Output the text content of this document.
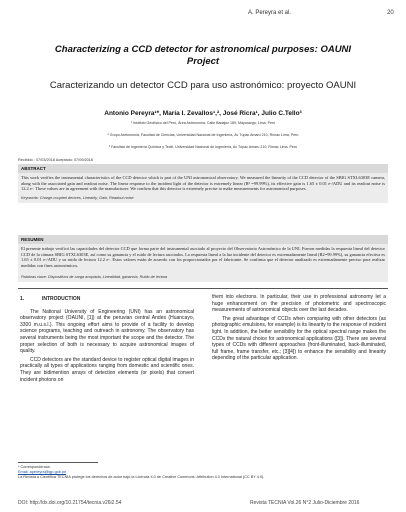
A. Pereyra et al.	20
Characterizing a CCD detector for astronomical purposes: OAUNI Project
Caracterizando un detector CCD para uso astronómico: proyecto OAUNI
Antonio Pereyra¹*, María I. Zevallos¹,², José Ricra¹, Julio C.Tello³
¹ Instituto Geofísico del Perú, Área Astronomía, Calle Badajoz 169, Mayorazgo, Lima, Perú
² Grupo Astronomía, Facultad de Ciencias, Universidad Nacional de Ingeniería, Av Túpac Amaru 210, Rímac Lima, Perú
³ Facultad de Ingeniería Química y Textil, Universidad Nacional de Ingeniería, Av Túpac Amaru 210, Rímac Lima, Perú
Recibido : 07/03/2016 Aceptado: 07/09/2016
ABSTRACT
This work verifies the instrumental characteristics of the CCD detector which is part of the UNI astronomical observatory. We measured the linearity of the CCD detector of the SBIG STXL6303E camera, along with the associated gain and readout noise. The linear response to the incident light of the detector is extremely linear (R² =99.99%), its effective gain is 1.65 ± 0.01 e-/ADU and its readout noise is 12.2 e-. These values are in agreement with the manufacturer. We confirm that this detector is extremely precise to make measurements for astronomical purposes.
Keywords: Charge-coupled devices, Linearity, Gain, Readout noise
RESUMEN
El presente trabajo verificó las capacidades del detector CCD que forma parte del instrumental asociado al proyecto del Observatorio Astronómico de la UNI. Fueron medidas la respuesta lineal del detector CCD de la cámara SBIG STXL6303E, así como su ganancia y el ruido de lectura asociados. La respuesta lineal a la luz incidente del detector es extremadamente lineal (R2=99.99%), su ganancia efectiva es 1.65 ± 0.01 e-/ADU y su ruido de lectura 12.2 e-. Estos valores están de acuerdo con los proporcionados por el fabricante. Se confirma que el detector analizado es extremadamente preciso para realizar medidas con fines astronómicos.
Palabras clave: Dispositivos de carga acoplada, Linealidad, ganancia, Ruido de lectura
1.	INTRODUCTION

The National University of Engineering (UNI) has an astronomical observatory project (OAUNI, [1]) at the peruvian central Andes (Huancayo, 3300 m.u.s.l.). This ongoing effort aims to provide of a facility to develop science programs, teaching and outreach in astronomy. The observatory has several instruments being the most important the scope and the detector. The proper selection of both is necessary to acquire astronomical images of quality.

CCD detectors are the standard device to register optical digital images in practically all types of applications ranging from domestic and scientific ones. They are bidimention arrays of detection elements (or pixels) that convert incident photons on

them into electrons. In particular, their use in professional astronomy let a huge enhancement on the precision of photometric and spectroscopic measurements of astronomical objects over the last decades.

The great advantage of CCDs when comparing with other detectors (as photographic emulsions, for example) is its linearity to the response of incident light. In addition, the better sensibility for the optical spectral range makes the CCDs the natural choice for astronomical applications ([3]). There are several types of CCDs with different approaches (front-illuminated, back-illuminated, full frame, frame transfer, etc.; [3][4]) to enhance the sensibility and linearity depending of the particular application.

* Correspondencia:
Email: apereyra@igp.gob.pe
La Revista a Científica TECNIA protege los derechos de autor bajo la Licencia 4.0 de Creative Commons: Attribution 4.0 International (CC BY 4.0).
DOI: http://dx.doi.org/10.21754/tecnia.v26i2.54	Revista TECNIA Vol.26 N°2 Julio-Diciembre 2016
